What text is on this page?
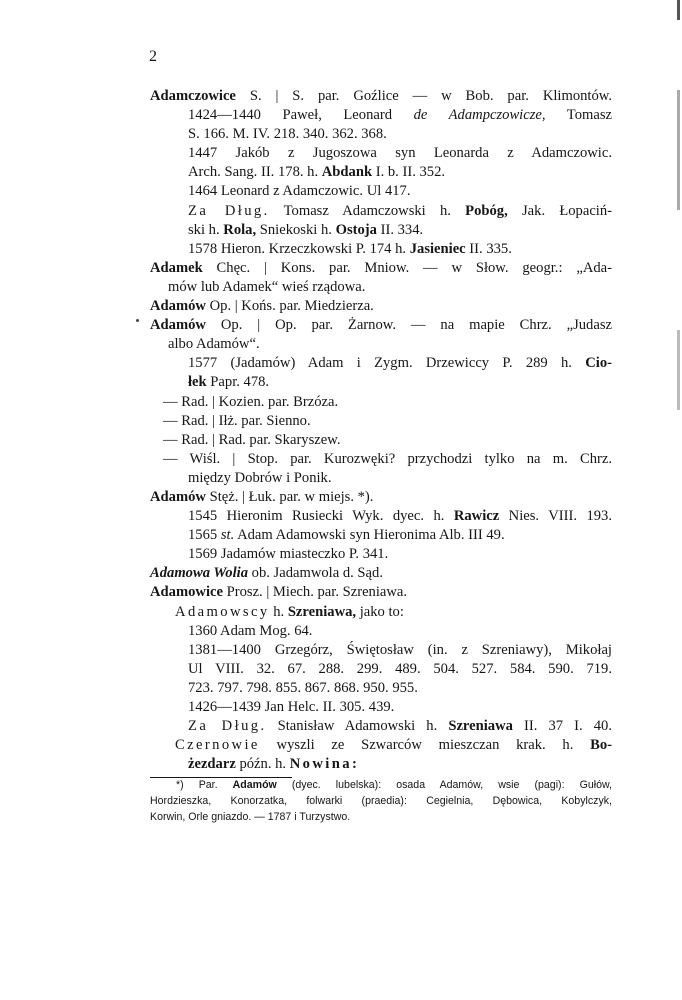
2
Adamczowice S. | S. par. Goźlice — w Bob. par. Klimontów.
1424—1440 Paweł, Leonard de Adampczowicze, Tomasz
S. 166. M. IV. 218. 340. 362. 368.
1447 Jakób z Jugoszowa syn Leonarda z Adamczowic.
Arch. Sang. II. 178. h. Abdank I. b. II. 352.
1464 Leonard z Adamczowic. Ul 417.
Za Dług. Tomasz Adamczowski h. Pobóg, Jak. Łopaciń-
ski h. Rola, Sniekoski h. Ostoja II. 334.
1578 Hieron. Krzeczkowski P. 174 h. Jasieniec II. 335.
Adamek Chęc. | Kons. par. Mniow. — w Słow. geogr.: „Ada-
mów lub Adamek“ wieś rządowa.
Adamów Op. | Końs. par. Miedzierza.
Adamów Op. | Op. par. Żarnow. — na mapie Chrz. „Judasz
albo Adamów“.
1577 (Jadamów) Adam i Zygm. Drzewiccy P. 289 h. Cio-
łek Papr. 478.
— Rad. | Kozien. par. Brzóza.
— Rad. | Iłż. par. Sienno.
— Rad. | Rad. par. Skaryszew.
— Wiśl. | Stop. par. Kurozwęki? przychodzi tylko na m. Chrz.
między Dobrów i Ponik.
Adamów Stęż. | Łuk. par. w miejs. *).
1545 Hieronim Rusiecki Wyk. dyec. h. Rawicz Nies. VIII. 193.
1565 st. Adam Adamowski syn Hieronima Alb. III 49.
1569 Jadamów miasteczko P. 341.
Adamowa Wolia ob. Jadamwola d. Sąd.
Adamowice Prosz. | Miech. par. Szreniawa.
Adamowscy h. Szreniawa, jako to:
1360 Adam Mog. 64.
1381—1400 Grzegórz, Świętosław (in. z Szreniawy), Mikołaj
Ul VIII. 32. 67. 288. 299. 489. 504. 527. 584. 590. 719.
723. 797. 798. 855. 867. 868. 950. 955.
1426—1439 Jan Helc. II. 305. 439.
Za Dług. Stanisław Adamowski h. Szreniawa II. 37 I. 40.
Czernowie wyszli ze Szwarców mieszczan krak. h. Bo-
żezdarz późn. h. Nowina:
*) Par. Adamów (dyec. lubelska): osada Adamów, wsie (pagi): Gułów,
Hordzieszka, Konorzatka, folwarki (praedia): Cegielnia, Dębowica, Kobylczyk,
Korwin, Orle gniazdo. — 1787 i Turzystwo.
